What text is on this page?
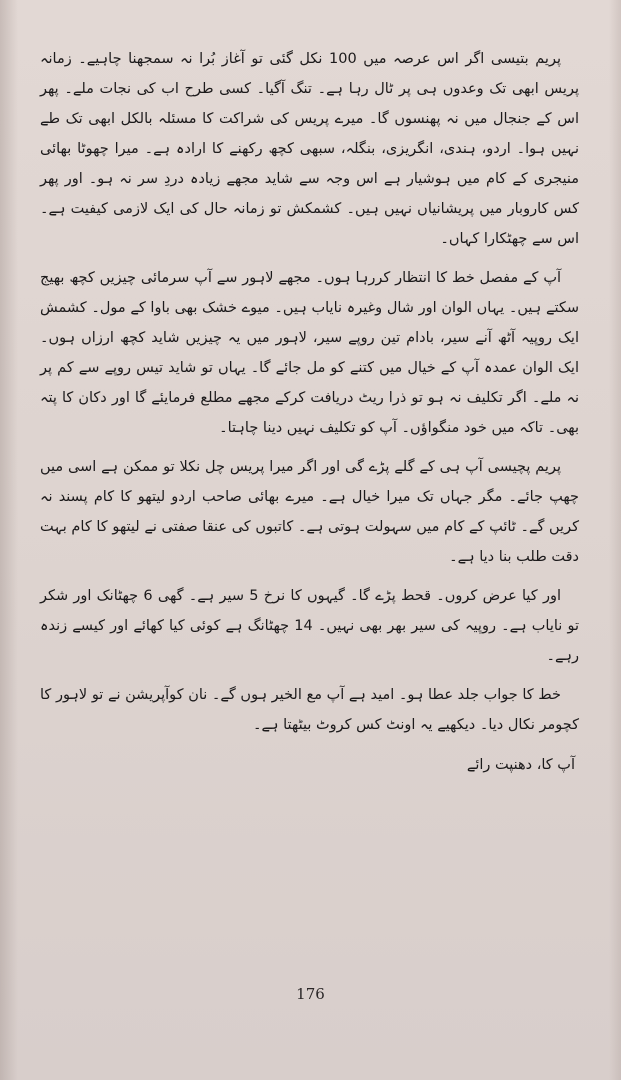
پریم بتیسی اگر اس عرصہ میں 100 نکل گئی تو آغاز بُرا نہ سمجھنا چاہیے۔ زمانہ پریس ابھی تک وعدوں ہی پر ٹال رہا ہے۔ تنگ آگیا۔ کسی طرح اب کی نجات ملے۔ پھر اس کے جنجال میں نہ پھنسوں گا۔ میرے پریس کی شراکت کا مسئلہ بالکل ابھی تک طے نہیں ہوا۔ اردو، ہندی، انگریزی، بنگلہ، سبھی کچھ رکھنے کا ارادہ ہے۔ میرا چھوٹا بھائی منیجری کے کام میں ہوشیار ہے اس وجہ سے شاید مجھے زیادہ دردِ سر نہ ہو۔ اور پھر کس کاروبار میں پریشانیاں نہیں ہیں۔ کشمکش تو زمانہ حال کی ایک لازمی کیفیت ہے۔ اس سے چھٹکارا کہاں۔

آپ کے مفصل خط کا انتظار کررہا ہوں۔ مجھے لاہور سے آپ سرمائی چیزیں کچھ بھیج سکتے ہیں۔ یہاں الوان اور شال وغیرہ نایاب ہیں۔ میوے خشک بھی باوا کے مول۔ کشمش ایک روپیہ آٹھ آنے سیر، بادام تین روپے سیر، لاہور میں یہ چیزیں شاید کچھ ارزاں ہوں۔ ایک الوان عمدہ آپ کے خیال میں کتنے کو مل جائے گا۔ یہاں تو شاید تیس روپے سے کم پر نہ ملے۔ اگر تکلیف نہ ہو تو ذرا ریٹ دریافت کرکے مجھے مطلع فرمایئے گا اور دکان کا پتہ بھی۔ تاکہ میں خود منگواؤں۔ آپ کو تکلیف نہیں دینا چاہتا۔

پریم پچیسی آپ ہی کے گلے پڑے گی اور اگر میرا پریس چل نکلا تو ممکن ہے اسی میں چھپ جائے۔ مگر جہاں تک میرا خیال ہے۔ میرے بھائی صاحب اردو لیتھو کا کام پسند نہ کریں گے۔ ٹائپ کے کام میں سہولت ہوتی ہے۔ کاتبوں کی عنقا صفتی نے لیتھو کا کام بہت دقت طلب بنا دیا ہے۔

اور کیا عرض کروں۔ قحط پڑے گا۔ گیہوں کا نرخ 5 سیر ہے۔ گھی 6 چھٹانک اور شکر تو نایاب ہے۔ روپیہ کی سیر بھر بھی نہیں۔ 14 چھٹانگ ہے کوئی کیا کھائے اور کیسے زندہ رہے۔

خط کا جواب جلد عطا ہو۔ امید ہے آپ مع الخیر ہوں گے۔ نان کوآپریشن نے تو لاہور کا کچومر نکال دیا۔ دیکھیے یہ اونٹ کس کروٹ بیٹھتا ہے۔

آپ کا، دھنپت رائے

176
